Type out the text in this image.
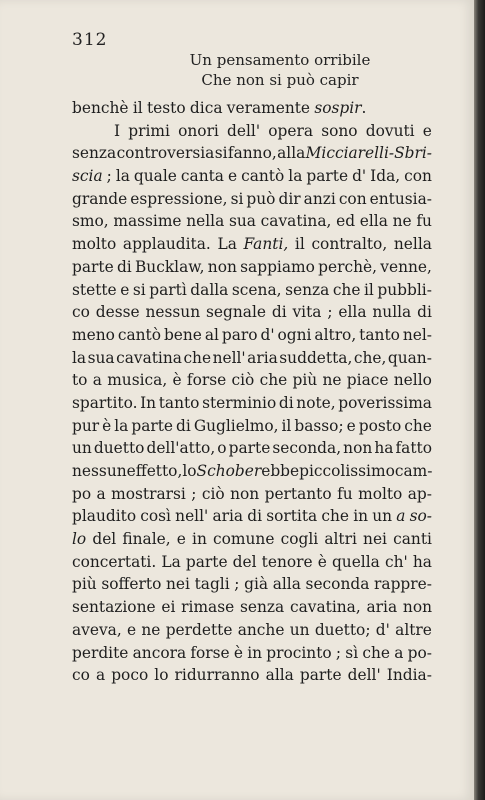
312
Un pensamento orribile
Che non si può capir
benchè il testo dica veramente sospir.
I primi onori dell' opera sono dovuti e
senza controversia si fanno, alla Micciarelli-Sbri-
scia ; la quale canta e cantò la parte d' Ida, con
grande espressione, si può dir anzi con entusia-
smo, massime nella sua cavatina, ed ella ne fu
molto applaudita. La Fanti, il contralto, nella
parte di Bucklaw, non sappiamo perchè, venne,
stette e si partì dalla scena, senza che il pubbli-
co desse nessun segnale di vita ; ella nulla di
meno cantò bene al paro d' ogni altro, tanto nel-
la sua cavatina che nell' aria suddetta, che, quan-
to a musica, è forse ciò che più ne piace nello
spartito. In tanto sterminio di note, poverissima
pur è la parte di Guglielmo, il basso; e posto che
un duetto dell'atto, o parte seconda, non ha fatto
nessun effetto, lo Schober ebbe piccolissimo cam-
po a mostrarsi ; ciò non pertanto fu molto ap-
plaudito così nell' aria di sortita che in un a so-
lo del finale, e in comune cogli altri nei canti
concertati. La parte del tenore è quella ch' ha
più sofferto nei tagli ; già alla seconda rappre-
sentazione ei rimase senza cavatina, aria non
aveva, e ne perdette anche un duetto; d' altre
perdite ancora forse è in procinto ; sì che a po-
co a poco lo ridurranno alla parte dell' India-
